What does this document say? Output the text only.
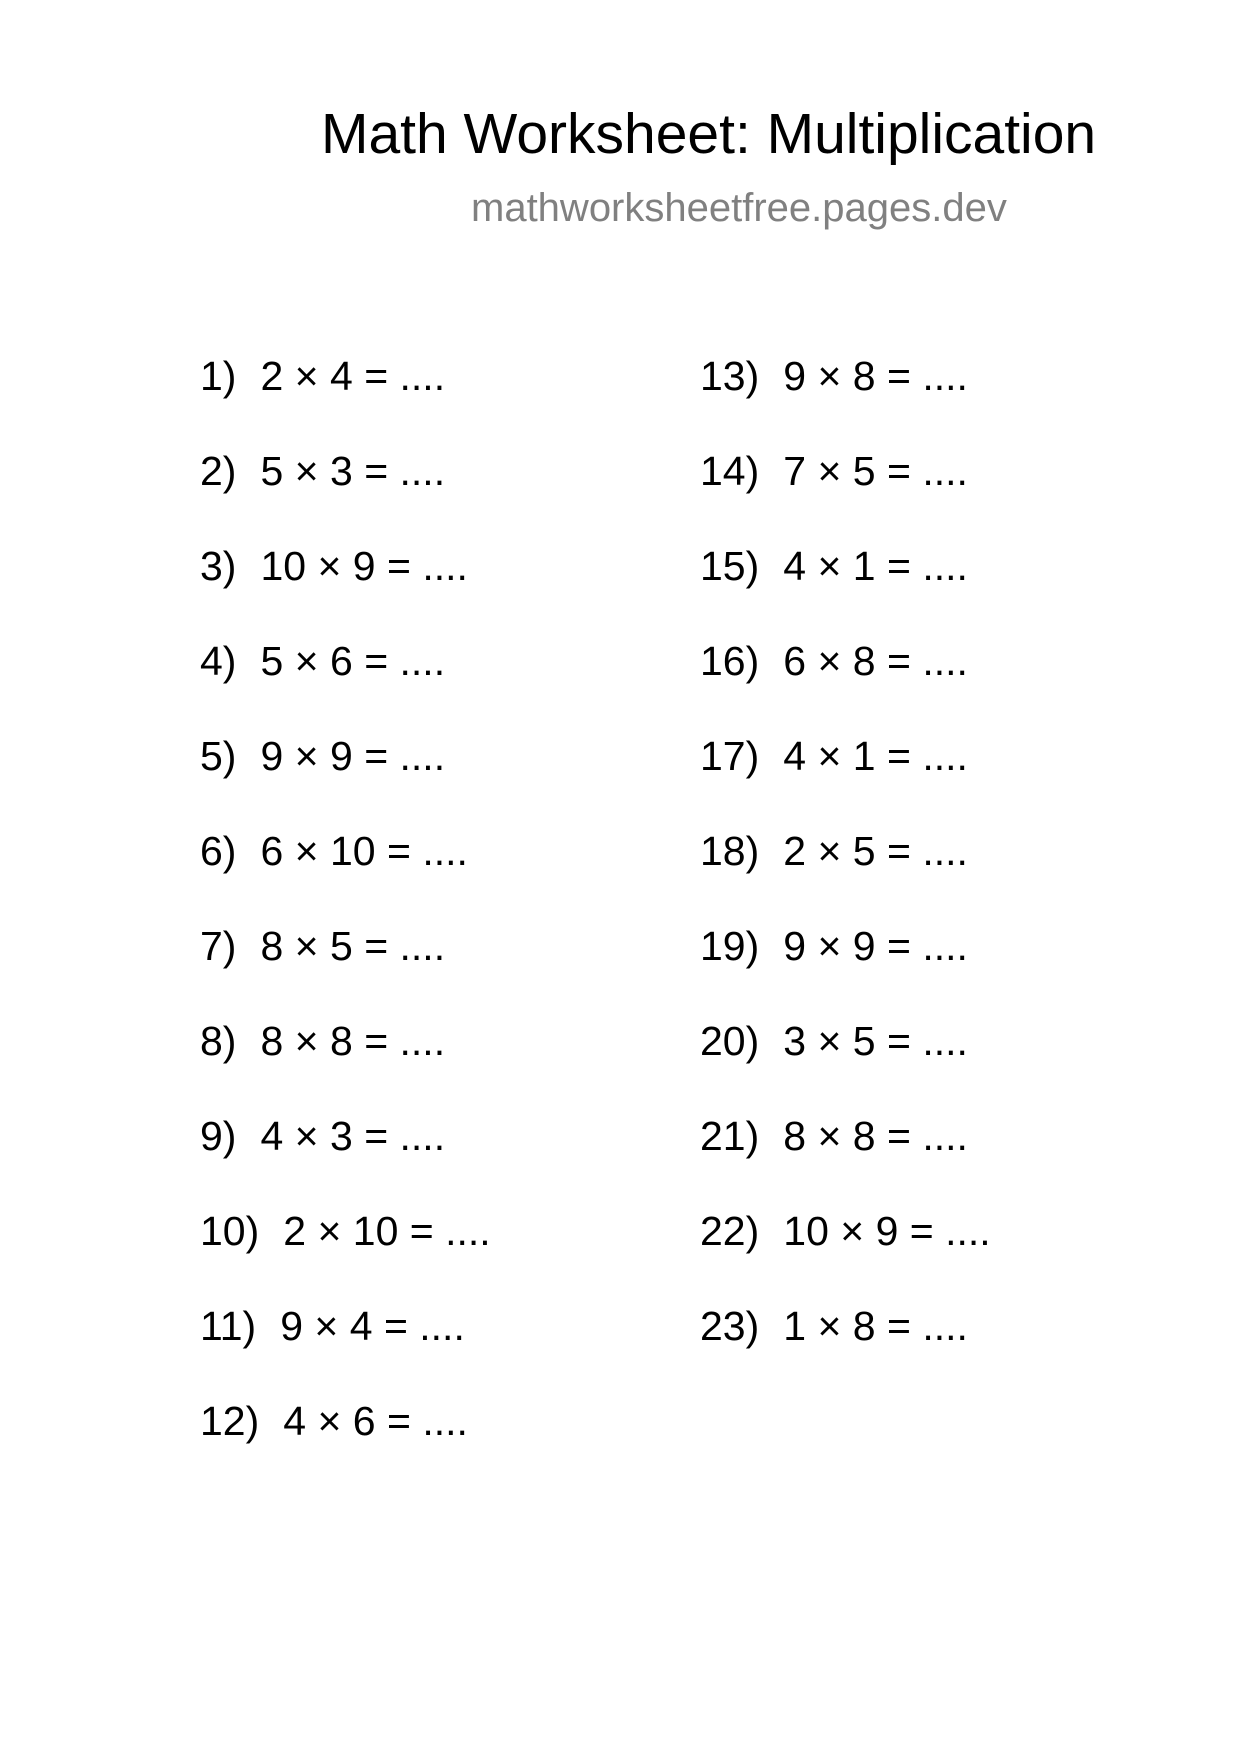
Math Worksheet: Multiplication
mathworksheetfree.pages.dev
1) 2 × 4 = ....
2) 5 × 3 = ....
3) 10 × 9 = ....
4) 5 × 6 = ....
5) 9 × 9 = ....
6) 6 × 10 = ....
7) 8 × 5 = ....
8) 8 × 8 = ....
9) 4 × 3 = ....
10) 2 × 10 = ....
11) 9 × 4 = ....
12) 4 × 6 = ....
13) 9 × 8 = ....
14) 7 × 5 = ....
15) 4 × 1 = ....
16) 6 × 8 = ....
17) 4 × 1 = ....
18) 2 × 5 = ....
19) 9 × 9 = ....
20) 3 × 5 = ....
21) 8 × 8 = ....
22) 10 × 9 = ....
23) 1 × 8 = ....
